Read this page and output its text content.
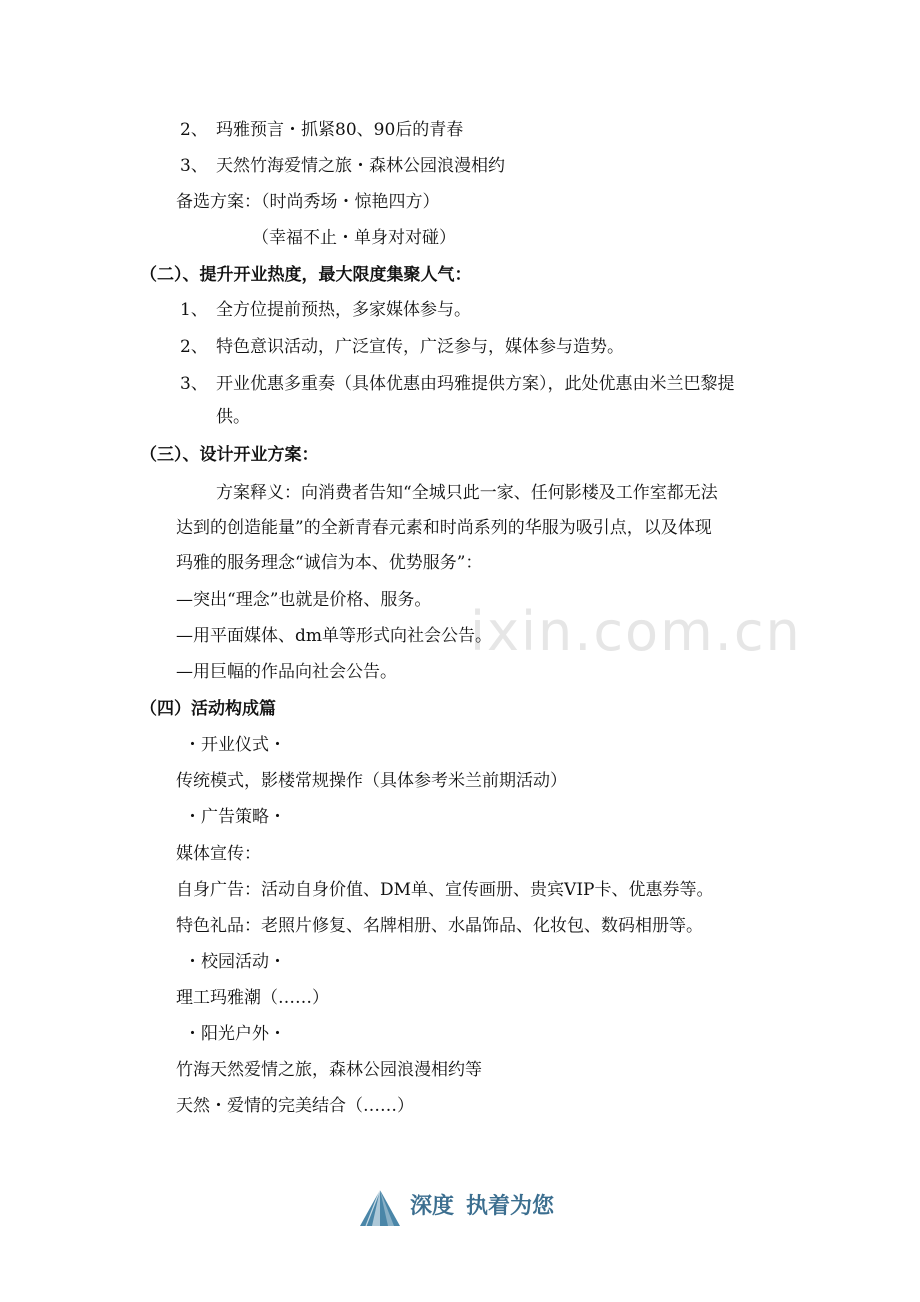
ixin.com.cn
2、 玛雅预言・抓紧80、90后的青春
3、 天然竹海爱情之旅・森林公园浪漫相约
备选方案：（时尚秀场・惊艳四方）
（幸福不止・单身对对碰）
（二）、提升开业热度，最大限度集聚人气：
1、 全方位提前预热，多家媒体参与。
2、 特色意识活动，广泛宣传，广泛参与，媒体参与造势。
3、 开业优惠多重奏（具体优惠由玛雅提供方案），此处优惠由米兰巴黎提
供。
（三）、设计开业方案：
方案释义：向消费者告知“全城只此一家、任何影楼及工作室都无法
达到的创造能量”的全新青春元素和时尚系列的华服为吸引点，以及体现
玛雅的服务理念“诚信为本、优势服务”：
—突出“理念”也就是价格、服务。
—用平面媒体、dm单等形式向社会公告。
—用巨幅的作品向社会公告。
（四）活动构成篇
・开业仪式・
传统模式，影楼常规操作（具体参考米兰前期活动）
・广告策略・
媒体宣传：
自身广告：活动自身价值、DM单、宣传画册、贵宾VIP卡、优惠券等。
特色礼品：老照片修复、名牌相册、水晶饰品、化妆包、数码相册等。
・校园活动・
理工玛雅潮（……）
・阳光户外・
竹海天然爱情之旅，森林公园浪漫相约等
天然・爱情的完美结合（……）
深度 执着为您
